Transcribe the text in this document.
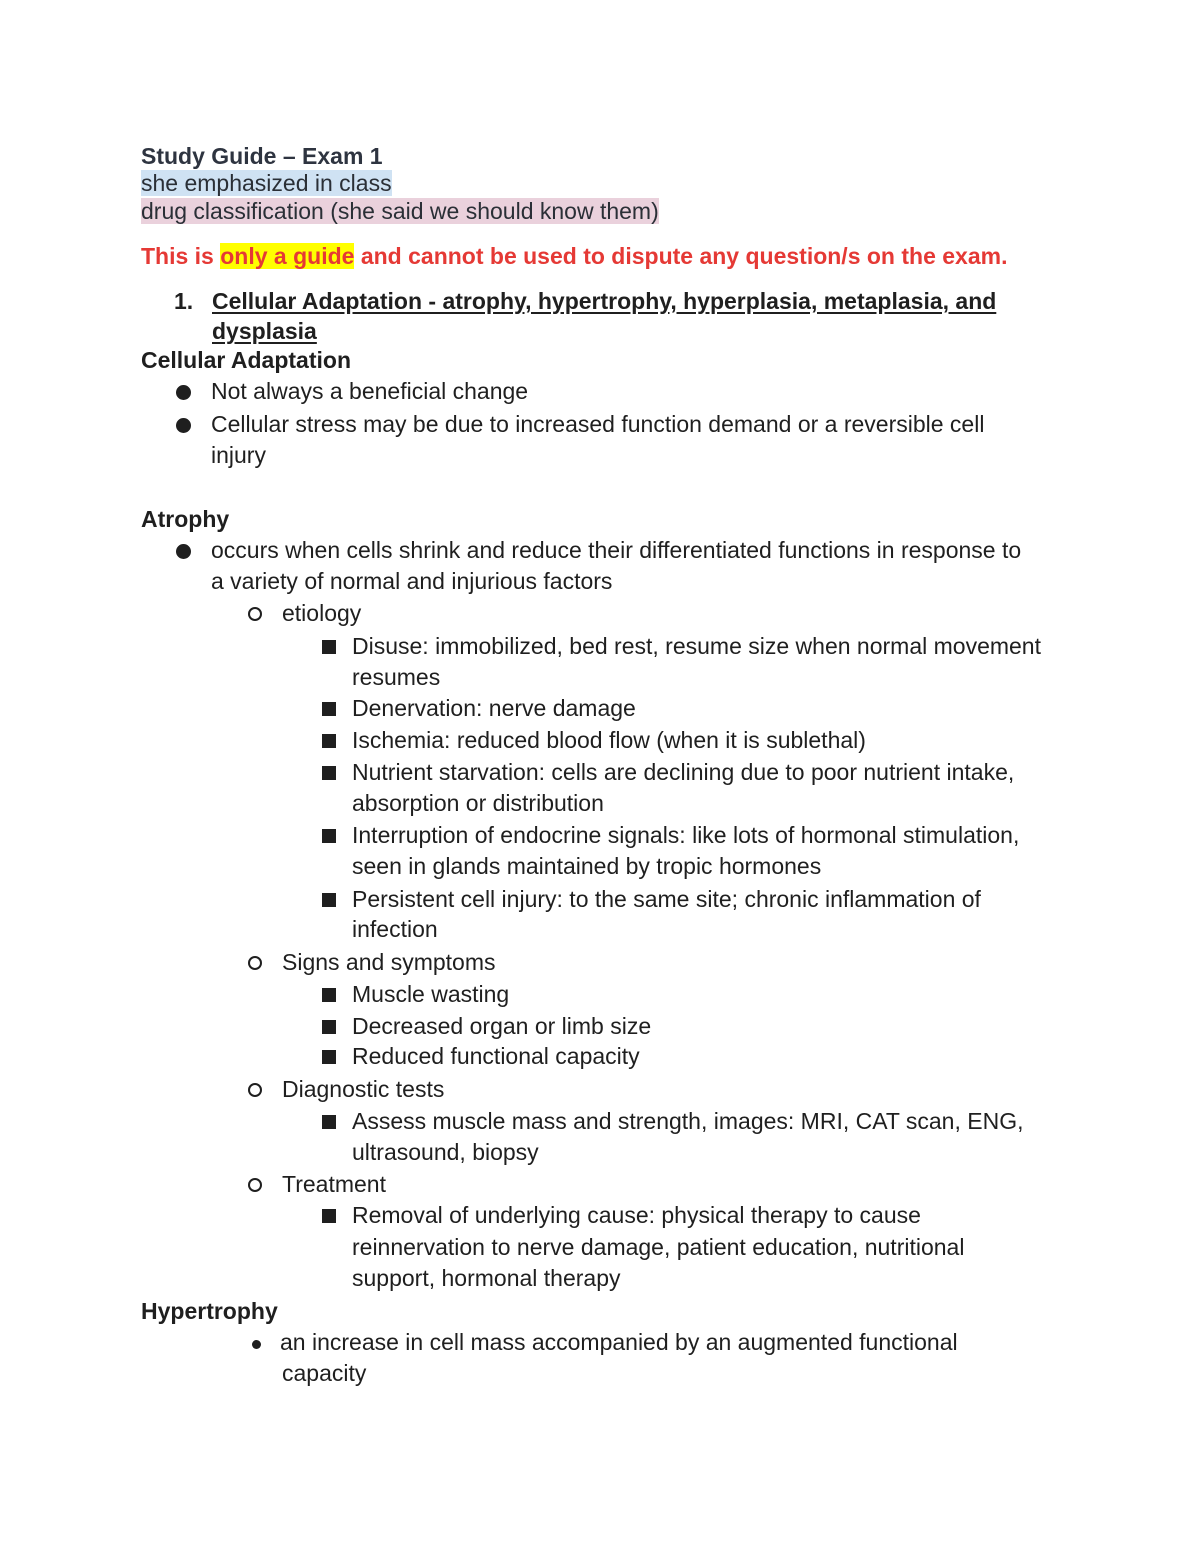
Study Guide – Exam 1
she emphasized in class
drug classification (she said we should know them)
This is only a guide and cannot be used to dispute any question/s on the exam.
1. Cellular Adaptation - atrophy, hypertrophy, hyperplasia, metaplasia, and
dysplasia
Cellular Adaptation
Not always a beneficial change
Cellular stress may be due to increased function demand or a reversible cell
injury
Atrophy
occurs when cells shrink and reduce their differentiated functions in response to
a variety of normal and injurious factors
etiology
Disuse: immobilized, bed rest, resume size when normal movement
resumes
Denervation: nerve damage
Ischemia: reduced blood flow (when it is sublethal)
Nutrient starvation: cells are declining due to poor nutrient intake,
absorption or distribution
Interruption of endocrine signals: like lots of hormonal stimulation,
seen in glands maintained by tropic hormones
Persistent cell injury: to the same site; chronic inflammation of
infection
Signs and symptoms
Muscle wasting
Decreased organ or limb size
Reduced functional capacity
Diagnostic tests
Assess muscle mass and strength, images: MRI, CAT scan, ENG,
ultrasound, biopsy
Treatment
Removal of underlying cause: physical therapy to cause
reinnervation to nerve damage, patient education, nutritional
support, hormonal therapy
Hypertrophy
an increase in cell mass accompanied by an augmented functional
capacity
